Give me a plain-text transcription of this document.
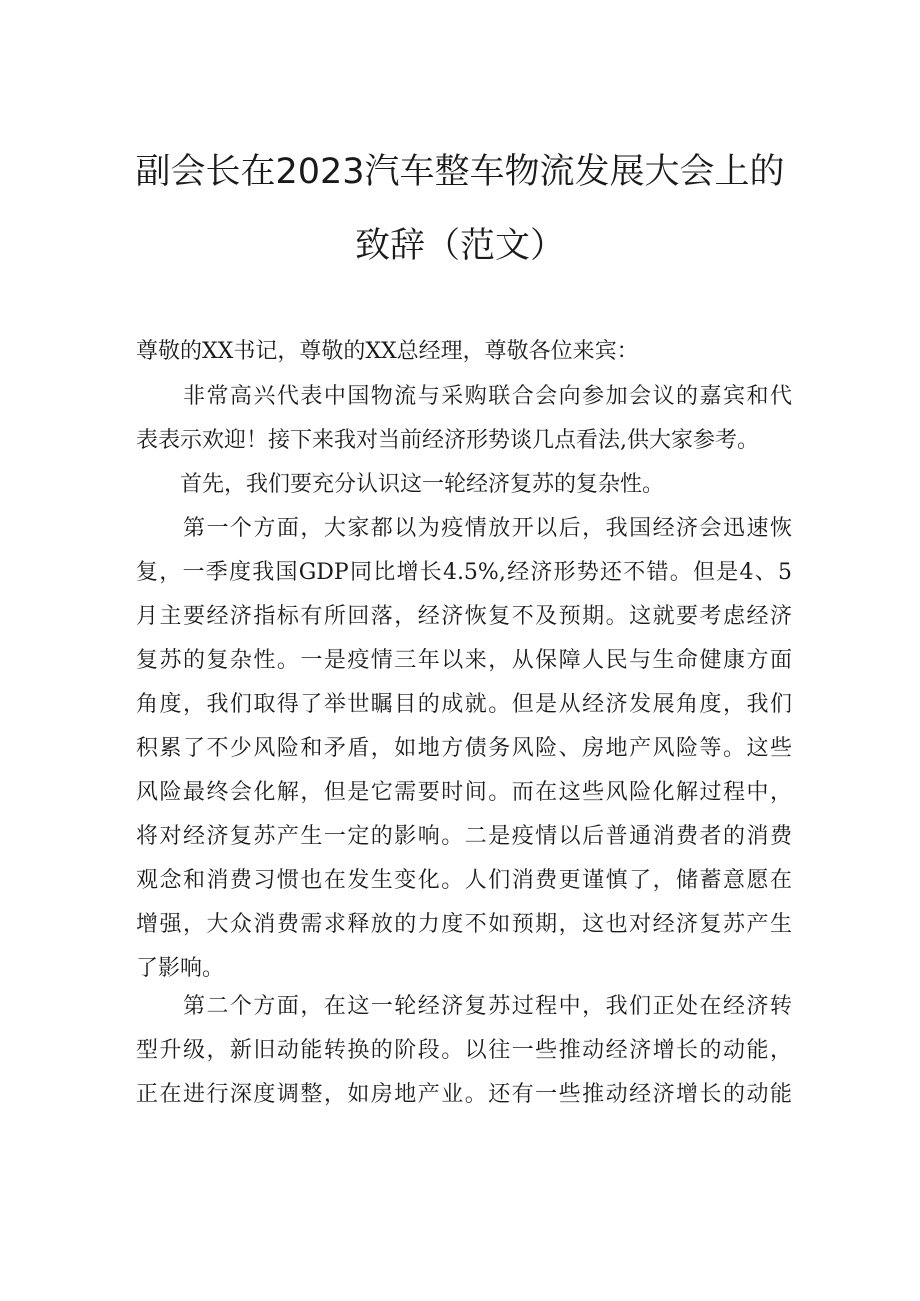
副会长在2023汽车整车物流发展大会上的
致辞（范文）
尊敬的XX书记，尊敬的XX总经理，尊敬各位来宾：
　　非常高兴代表中国物流与采购联合会向参加会议的嘉宾和代
表表示欢迎！接下来我对当前经济形势谈几点看法,供大家参考。
　　首先，我们要充分认识这一轮经济复苏的复杂性。
　　第一个方面，大家都以为疫情放开以后，我国经济会迅速恢
复，一季度我国GDP同比增长4.5%,经济形势还不错。但是4、5
月主要经济指标有所回落，经济恢复不及预期。这就要考虑经济
复苏的复杂性。一是疫情三年以来，从保障人民与生命健康方面
角度，我们取得了举世瞩目的成就。但是从经济发展角度，我们
积累了不少风险和矛盾，如地方债务风险、房地产风险等。这些
风险最终会化解，但是它需要时间。而在这些风险化解过程中，
将对经济复苏产生一定的影响。二是疫情以后普通消费者的消费
观念和消费习惯也在发生变化。人们消费更谨慎了，储蓄意愿在
增强，大众消费需求释放的力度不如预期，这也对经济复苏产生
了影响。
　　第二个方面，在这一轮经济复苏过程中，我们正处在经济转
型升级，新旧动能转换的阶段。以往一些推动经济增长的动能，
正在进行深度调整，如房地产业。还有一些推动经济增长的动能
